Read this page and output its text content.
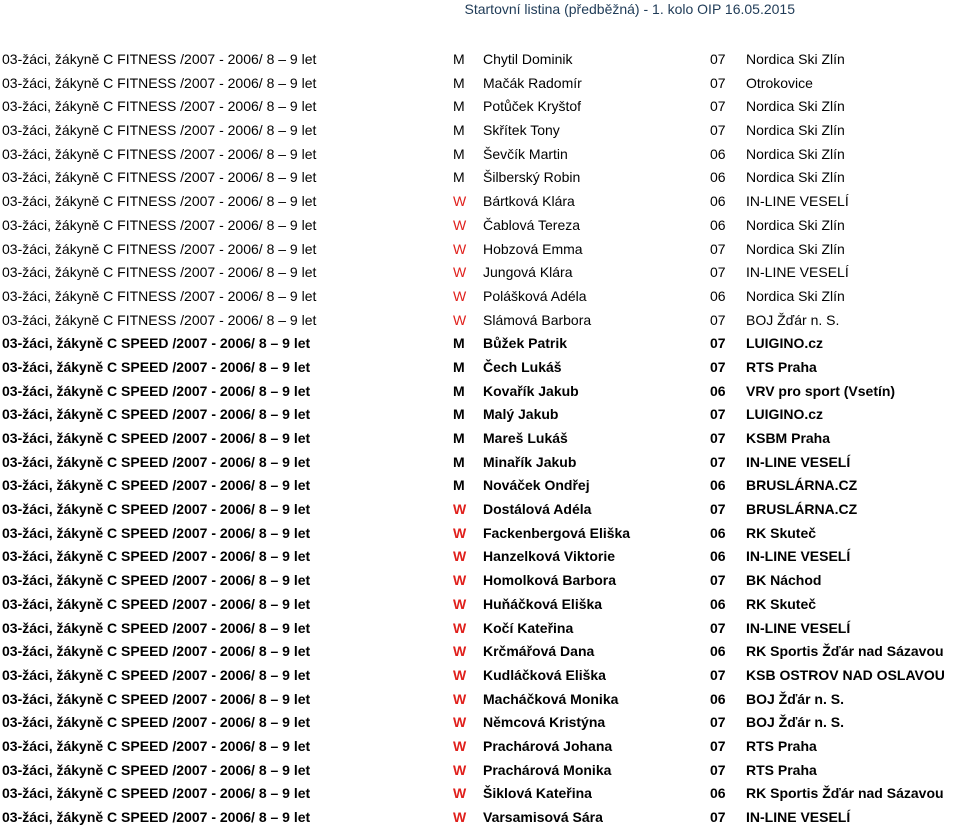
Startovní listina (předběžná) - 1. kolo OIP 16.05.2015
03-žáci, žákyně C FITNESS /2007 - 2006/ 8 – 9 let	M Chytil Dominik	07 Nordica Ski Zlín
03-žáci, žákyně C FITNESS /2007 - 2006/ 8 – 9 let	M Mačák Radomír	07 Otrokovice
03-žáci, žákyně C FITNESS /2007 - 2006/ 8 – 9 let	M Potůček Kryštof	07 Nordica Ski Zlín
03-žáci, žákyně C FITNESS /2007 - 2006/ 8 – 9 let	M Skřítek Tony	07 Nordica Ski Zlín
03-žáci, žákyně C FITNESS /2007 - 2006/ 8 – 9 let	M Ševčík Martin	06 Nordica Ski Zlín
03-žáci, žákyně C FITNESS /2007 - 2006/ 8 – 9 let	M Šilberský Robin	06 Nordica Ski Zlín
03-žáci, žákyně C FITNESS /2007 - 2006/ 8 – 9 let	W Bártková Klára	06 IN-LINE VESELÍ
03-žáci, žákyně C FITNESS /2007 - 2006/ 8 – 9 let	W Čablová Tereza	06 Nordica Ski Zlín
03-žáci, žákyně C FITNESS /2007 - 2006/ 8 – 9 let	W Hobzová Emma	07 Nordica Ski Zlín
03-žáci, žákyně C FITNESS /2007 - 2006/ 8 – 9 let	W Jungová Klára	07 IN-LINE VESELÍ
03-žáci, žákyně C FITNESS /2007 - 2006/ 8 – 9 let	W Polášková Adéla	06 Nordica Ski Zlín
03-žáci, žákyně C FITNESS /2007 - 2006/ 8 – 9 let	W Slámová Barbora	07 BOJ Žďár n. S.
03-žáci, žákyně C SPEED /2007 - 2006/ 8 – 9 let	M Bůžek Patrik	07 LUIGINO.cz
03-žáci, žákyně C SPEED /2007 - 2006/ 8 – 9 let	M Čech Lukáš	07 RTS Praha
03-žáci, žákyně C SPEED /2007 - 2006/ 8 – 9 let	M Kovařík Jakub	06 VRV pro sport (Vsetín)
03-žáci, žákyně C SPEED /2007 - 2006/ 8 – 9 let	M Malý Jakub	07 LUIGINO.cz
03-žáci, žákyně C SPEED /2007 - 2006/ 8 – 9 let	M Mareš Lukáš	07 KSBM Praha
03-žáci, žákyně C SPEED /2007 - 2006/ 8 – 9 let	M Minařík Jakub	07 IN-LINE VESELÍ
03-žáci, žákyně C SPEED /2007 - 2006/ 8 – 9 let	M Nováček Ondřej	06 BRUSLÁRNA.CZ
03-žáci, žákyně C SPEED /2007 - 2006/ 8 – 9 let	W Dostálová Adéla	07 BRUSLÁRNA.CZ
03-žáci, žákyně C SPEED /2007 - 2006/ 8 – 9 let	W Fackenbergová Eliška	06 RK Skuteč
03-žáci, žákyně C SPEED /2007 - 2006/ 8 – 9 let	W Hanzelková Viktorie	06 IN-LINE VESELÍ
03-žáci, žákyně C SPEED /2007 - 2006/ 8 – 9 let	W Homolková Barbora	07 BK Náchod
03-žáci, žákyně C SPEED /2007 - 2006/ 8 – 9 let	W Huňáčková Eliška	06 RK Skuteč
03-žáci, žákyně C SPEED /2007 - 2006/ 8 – 9 let	W Kočí Kateřina	07 IN-LINE VESELÍ
03-žáci, žákyně C SPEED /2007 - 2006/ 8 – 9 let	W Krčmářová Dana	06 RK Sportis Žďár nad Sázavou
03-žáci, žákyně C SPEED /2007 - 2006/ 8 – 9 let	W Kudláčková Eliška	07 KSB OSTROV NAD OSLAVOU
03-žáci, žákyně C SPEED /2007 - 2006/ 8 – 9 let	W Macháčková Monika	06 BOJ Žďár n. S.
03-žáci, žákyně C SPEED /2007 - 2006/ 8 – 9 let	W Němcová Kristýna	07 BOJ Žďár n. S.
03-žáci, žákyně C SPEED /2007 - 2006/ 8 – 9 let	W Prachárová Johana	07 RTS Praha
03-žáci, žákyně C SPEED /2007 - 2006/ 8 – 9 let	W Prachárová Monika	07 RTS Praha
03-žáci, žákyně C SPEED /2007 - 2006/ 8 – 9 let	W Šiklová Kateřina	06 RK Sportis Žďár nad Sázavou
03-žáci, žákyně C SPEED /2007 - 2006/ 8 – 9 let	W Varsamisová Sára	07 IN-LINE VESELÍ
